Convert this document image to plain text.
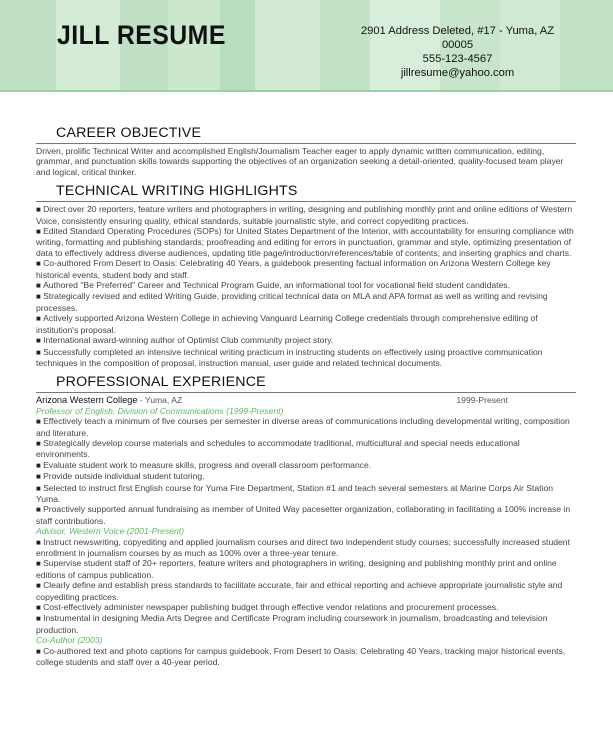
JILL RESUME	2901 Address Deleted, #17 - Yuma, AZ 00005
555-123-4567
jillresume@yahoo.com
CAREER OBJECTIVE

Driven, prolific Technical Writer and accomplished English/Journalism Teacher eager to apply dynamic written communication, editing, grammar, and punctuation skills towards supporting the objectives of an organization seeking a detail-oriented, quality-focused team player and logical, critical thinker.

TECHNICAL WRITING HIGHLIGHTS

■ Direct over 20 reporters, feature writers and photographers in writing, designing and publishing monthly print and online editions of Western Voice, consistently ensuring quality, ethical standards, suitable journalistic style, and correct copyediting practices.

■ Edited Standard Operating Procedures (SOPs) for United States Department of the Interior, with accountability for ensuring compliance with writing, formatting and publishing standards; proofreading and editing for errors in punctuation, grammar and style, optimizing presentation of data to effectively address diverse audiences, updating title page/introduction/references/table of contents, and inserting graphics and charts.

■ Co-authored From Desert to Oasis: Celebrating 40 Years, a guidebook presenting factual information on Arizona Western College key historical events, student body and staff.

■ Authored "Be Preferred" Career and Technical Program Guide, an informational tool for vocational field student candidates.

■ Strategically revised and edited Writing Guide, providing critical technical data on MLA and APA format as well as writing and revising processes.

■ Actively supported Arizona Western College in achieving Vanguard Learning College credentials through comprehensive editing of institution's proposal.

■ International award-winning author of Optimist Club community project story.

■ Successfully completed an intensive technical writing practicum in instructing students on effectively using proactive communication techniques in the composition of proposal, instruction manual, user guide and related technical documents.

PROFESSIONAL EXPERIENCE
Arizona Western College - Yuma, AZ	1999-Present

Professor of English, Division of Communications (1999-Present)

■ Effectively teach a minimum of five courses per semester in diverse areas of communications including developmental writing, composition and literature.

■ Strategically develop course materials and schedules to accommodate traditional, multicultural and special needs educational environments.

■ Evaluate student work to measure skills, progress and overall classroom performance.

■ Provide outside individual student tutoring.

■ Selected to instruct first English course for Yuma Fire Department, Station #1 and teach several semesters at Marine Corps Air Station Yuma.

■ Proactively supported annual fundraising as member of United Way pacesetter organization, collaborating in facilitating a 100% increase in staff contributions.

Advisor, Western Voice (2001-Present)

■ Instruct newswriting, copyediting and applied journalism courses and direct two independent study courses; successfully increased student enrollment in journalism courses by as much as 100% over a three-year tenure.

■ Supervise student staff of 20+ reporters, feature writers and photographers in writing, designing and publishing monthly print and online editions of campus publication.

■ Clearly define and establish press standards to facilitate accurate, fair and ethical reporting and achieve appropriate journalistic style and copyediting practices.

■ Cost-effectively administer newspaper publishing budget through effective vendor relations and procurement processes.

■ Instrumental in designing Media Arts Degree and Certificate Program including coursework in journalism, broadcasting and television production.

Co-Author (2003)

■ Co-authored text and photo captions for campus guidebook, From Desert to Oasis: Celebrating 40 Years, tracking major historical events, college students and staff over a 40-year period.
